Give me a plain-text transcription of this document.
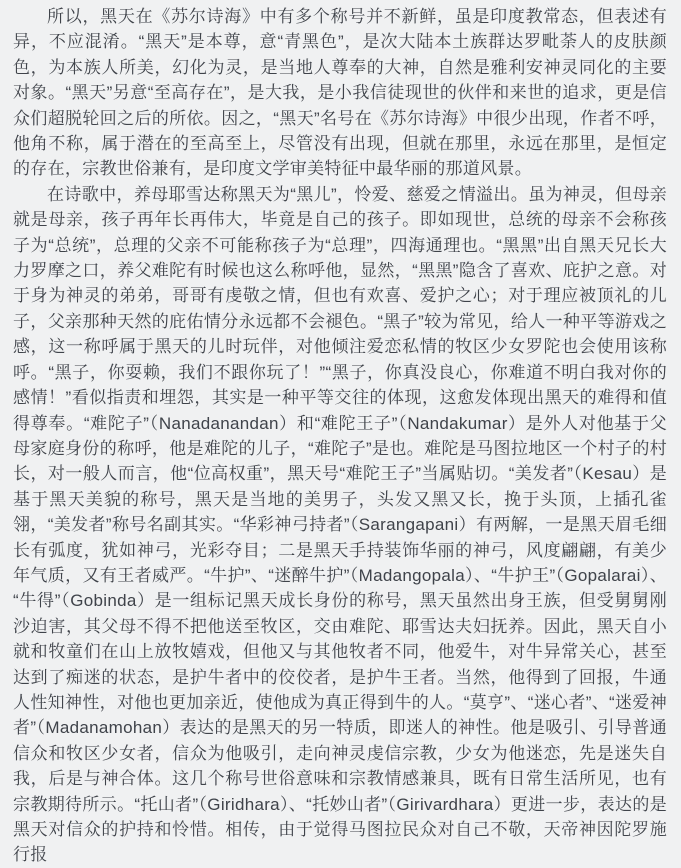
所以，黑天在《苏尔诗海》中有多个称号并不新鲜，虽是印度教常态，但表述有异，不应混淆。“黑天”是本尊，意“青黑色”，是次大陆本土族群达罗毗荼人的皮肤颜色，为本族人所美，幻化为灵，是当地人尊奉的大神，自然是雅利安神灵同化的主要对象。“黑天”另意“至高存在”，是大我，是小我信徒现世的伙伴和来世的追求，更是信众们超脱轮回之后的所依。因之，“黑天”名号在《苏尔诗海》中很少出现，作者不呼，他角不称，属于潜在的至高至上，尽管没有出现，但就在那里，永远在那里，是恒定的存在，宗教世俗兼有，是印度文学审美特征中最华丽的那道风景。

在诗歌中，养母耶雪达称黑天为“黑儿”，怜爱、慈爱之情溢出。虽为神灵，但母亲就是母亲，孩子再年长再伟大，毕竟是自己的孩子。即如现世，总统的母亲不会称孩子为“总统”，总理的父亲不可能称孩子为“总理”，四海通理也。“黑黑”出自黑天兄长大力罗摩之口，养父难陀有时候也这么称呼他，显然，“黑黑”隐含了喜欢、庇护之意。对于身为神灵的弟弟，哥哥有虔敬之情，但也有欢喜、爱护之心；对于理应被顶礼的儿子，父亲那种天然的庇佑情分永远都不会褪色。“黑子”较为常见，给人一种平等游戏之感，这一称呼属于黑天的儿时玩伴，对他倾注爱恋私情的牧区少女罗陀也会使用该称呼。“黑子，你耍赖，我们不跟你玩了！”“黑子，你真没良心，你难道不明白我对你的感情！”看似指责和埋怨，其实是一种平等交往的体现，这愈发体现出黑天的难得和值得尊奉。“难陀子”（Nanadanandan）和“难陀王子”（Nandakumar）是外人对他基于父母家庭身份的称呼，他是难陀的儿子，“难陀子”是也。难陀是马图拉地区一个村子的村长，对一般人而言，他“位高权重”，黑天号“难陀王子”当属贴切。“美发者”（Kesau）是基于黑天美貌的称号，黑天是当地的美男子，头发又黑又长，挽于头顶，上插孔雀翎，“美发者”称号名副其实。“华彩神弓持者”（Sarangapani）有两解，一是黑天眉毛细长有弧度，犹如神弓，光彩夺目；二是黑天手持装饰华丽的神弓，风度翩翩，有美少年气质，又有王者威严。“牛护”、“迷醉牛护”（Madangopala）、“牛护王”（Gopalarai）、“牛得”（Gobinda）是一组标记黑天成长身份的称号，黑天虽然出身王族，但受舅舅刚沙迫害，其父母不得不把他送至牧区，交由难陀、耶雪达夫妇抚养。因此，黑天自小就和牧童们在山上放牧嬉戏，但他又与其他牧者不同，他爱牛，对牛异常关心，甚至达到了痴迷的状态，是护牛者中的佼佼者，是护牛王者。当然，他得到了回报，牛通人性知神性，对他也更加亲近，使他成为真正得到牛的人。“莫亨”、“迷心者”、“迷爱神者”（Madanamohan）表达的是黑天的另一特质，即迷人的神性。他是吸引、引导普通信众和牧区少女者，信众为他吸引，走向神灵虔信宗教，少女为他迷恋，先是迷失自我，后是与神合体。这几个称号世俗意味和宗教情感兼具，既有日常生活所见，也有宗教期待所示。“托山者”（Giridhara）、“托妙山者”（Girivardhara）更进一步，表达的是黑天对信众的护持和怜惜。相传，由于觉得马图拉民众对自己不敬，天帝神因陀罗施行报
